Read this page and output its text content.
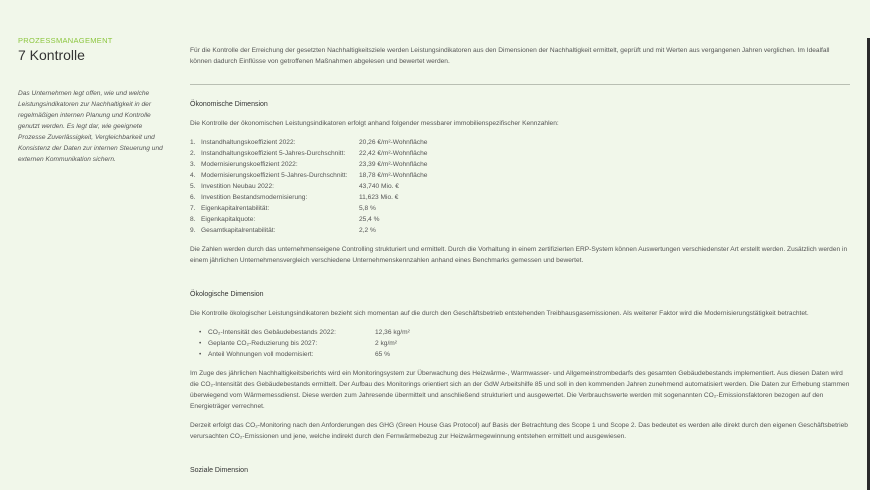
PROZESSMANAGEMENT
7 Kontrolle
Das Unternehmen legt offen, wie und welche Leistungsindikatoren zur Nachhaltigkeit in der regelmäßigen internen Planung und Kontrolle genutzt werden. Es legt dar, wie geeignete Prozesse Zuverlässigkeit, Vergleichbarkeit und Konsistenz der Daten zur internen Steuerung und externen Kommunikation sichern.

Für die Kontrolle der Erreichung der gesetzten Nachhaltigkeitsziele werden Leistungsindikatoren aus den Dimensionen der Nachhaltigkeit ermittelt, geprüft und mit Werten aus vergangenen Jahren verglichen. Im Idealfall können dadurch Einflüsse von getroffenen Maßnahmen abgelesen und bewertet werden.

Ökonomische Dimension

Die Kontrolle der ökonomischen Leistungsindikatoren erfolgt anhand folgender messbarer immobilienspezifischer Kennzahlen:

1. Instandhaltungskoeffizient 2022:	20,26 €/m²-Wohnfläche
2. Instandhaltungskoeffizient 5-Jahres-Durchschnitt: 22,42 €/m²-Wohnfläche
3. Modernisierungskoeffizient 2022:	23,39 €/m²-Wohnfläche
4. Modernisierungskoeffizient 5-Jahres-Durchschnitt: 18,78 €/m²-Wohnfläche
5. Investition Neubau 2022:	43,740 Mio. €
6. Investition Bestandsmodernisierung:	11,623 Mio. €
7. Eigenkapitalrentabilität:	5,8 %
8. Eigenkapitalquote:	25,4 %
9. Gesamtkapitalrentabilität:	2,2 %

Die Zahlen werden durch das unternehmenseigene Controlling strukturiert und ermittelt. Durch die Vorhaltung in einem zertifizierten ERP-System können Auswertungen verschiedenster Art erstellt werden. Zusätzlich werden in einem jährlichen Unternehmensvergleich verschiedene Unternehmenskennzahlen anhand eines Benchmarks gemessen und bewertet.

Ökologische Dimension

Die Kontrolle ökologischer Leistungsindikatoren bezieht sich momentan auf die durch den Geschäftsbetrieb entstehenden Treibhausgasemissionen. Als weiterer Faktor wird die Modernisierungstätigkeit betrachtet.

• CO₂-Intensität des Gebäudebestands 2022:	12,36 kg/m²
• Geplante CO₂-Reduzierung bis 2027:	2 kg/m²
• Anteil Wohnungen voll modernisiert:	65 %

Im Zuge des jährlichen Nachhaltigkeitsberichts wird ein Monitoringsystem zur Überwachung des Heizwärme-, Warmwasser- und Allgemeinstrombedarfs des gesamten Gebäudebestands implementiert. Aus diesen Daten wird die CO₂-Intensität des Gebäudebestands ermittelt. Der Aufbau des Monitorings orientiert sich an der GdW Arbeitshilfe 85 und soll in den kommenden Jahren zunehmend automatisiert werden. Die Daten zur Erhebung stammen überwiegend vom Wärmemessdienst. Diese werden zum Jahresende übermittelt und anschließend strukturiert und ausgewertet. Die Verbrauchswerte werden mit sogenannten CO₂-Emissionsfaktoren bezogen auf den Energieträger verrechnet.

Derzeit erfolgt das CO₂-Monitoring nach den Anforderungen des GHG (Green House Gas Protocol) auf Basis der Betrachtung des Scope 1 und Scope 2. Das bedeutet es werden alle direkt durch den eigenen Geschäftsbetrieb verursachten CO₂-Emissionen und jene, welche indirekt durch den Fernwärmebezug zur Heizwärmegewinnung entstehen ermittelt und ausgewiesen.

Soziale Dimension
